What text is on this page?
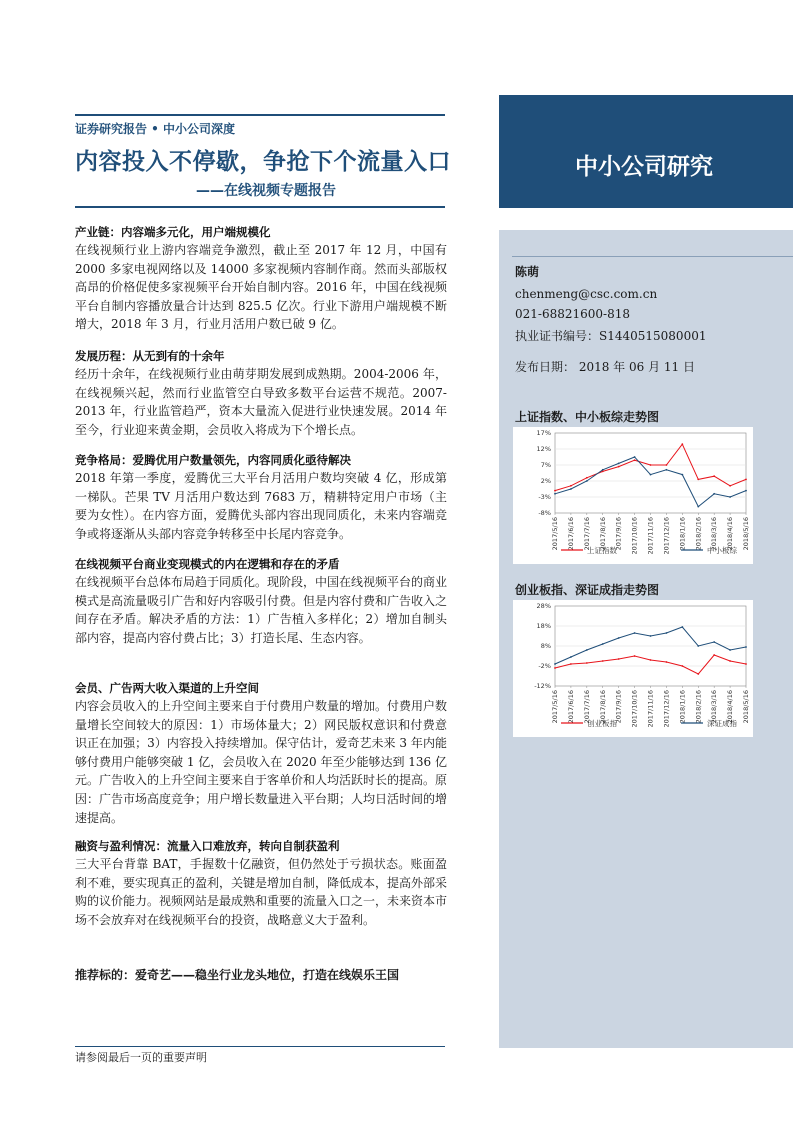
证券研究报告 • 中小公司深度
内容投入不停歇，争抢下个流量入口
——在线视频专题报告
中小公司研究
陈萌
chenmeng@csc.com.cn
021-68821600-818
执业证书编号：S1440515080001
发布日期： 2018 年 06 月 11 日
上证指数、中小板综走势图
17%
12%
7%
2%
-3%
-8%
2017/5/16 2017/6/16 2017/7/16 2017/8/16 2017/9/16 2017/10/16 2017/11/16 2017/12/16 2018/1/16 2018/2/16 2018/3/16 2018/4/16 2018/5/16
上证指数	中小板综
创业板指、深证成指走势图
28%
18%
8%
-2%
-12%
2017/5/16 2017/6/16 2017/7/16 2017/8/16 2017/9/16 2017/10/16 2017/11/16 2017/12/16 2018/1/16 2018/2/16 2018/3/16 2018/4/16 2018/5/16
创业板指	深证成指
产业链：内容端多元化，用户端规模化
在线视频行业上游内容端竞争激烈，截止至 2017 年 12 月，中国有 2000 多家电视网络以及 14000 多家视频内容制作商。然而头部版权高昂的价格促使多家视频平台开始自制内容。2016 年，中国在线视频平台自制内容播放量合计达到 825.5 亿次。行业下游用户端规模不断增大，2018 年 3 月，行业月活用户数已破 9 亿。
发展历程：从无到有的十余年
经历十余年，在线视频行业由萌芽期发展到成熟期。2004-2006 年，在线视频兴起，然而行业监管空白导致多数平台运营不规范。2007-2013 年，行业监管趋严，资本大量流入促进行业快速发展。2014 年至今，行业迎来黄金期，会员收入将成为下个增长点。
竞争格局：爱腾优用户数量领先，内容同质化亟待解决
2018 年第一季度，爱腾优三大平台月活用户数均突破 4 亿，形成第一梯队。芒果 TV 月活用户数达到 7683 万，精耕特定用户市场（主要为女性）。在内容方面，爱腾优头部内容出现同质化，未来内容端竞争或将逐渐从头部内容竞争转移至中长尾内容竞争。
在线视频平台商业变现模式的内在逻辑和存在的矛盾
在线视频平台总体布局趋于同质化。现阶段，中国在线视频平台的商业模式是高流量吸引广告和好内容吸引付费。但是内容付费和广告收入之间存在矛盾。解决矛盾的方法：1）广告植入多样化；2）增加自制头部内容，提高内容付费占比；3）打造长尾、生态内容。
会员、广告两大收入渠道的上升空间
内容会员收入的上升空间主要来自于付费用户数量的增加。付费用户数量增长空间较大的原因：1）市场体量大；2）网民版权意识和付费意识正在加强；3）内容投入持续增加。保守估计，爱奇艺未来 3 年内能够付费用户能够突破 1 亿，会员收入在 2020 年至少能够达到 136 亿元。广告收入的上升空间主要来自于客单价和人均活跃时长的提高。原因：广告市场高度竞争；用户增长数量进入平台期；人均日活时间的增速提高。
融资与盈利情况：流量入口难放弃，转向自制获盈利
三大平台背靠 BAT，手握数十亿融资，但仍然处于亏损状态。账面盈利不难，要实现真正的盈利，关键是增加自制，降低成本，提高外部采购的议价能力。视频网站是最成熟和重要的流量入口之一，未来资本市场不会放弃对在线视频平台的投资，战略意义大于盈利。
推荐标的：爱奇艺——稳坐行业龙头地位，打造在线娱乐王国
请参阅最后一页的重要声明
